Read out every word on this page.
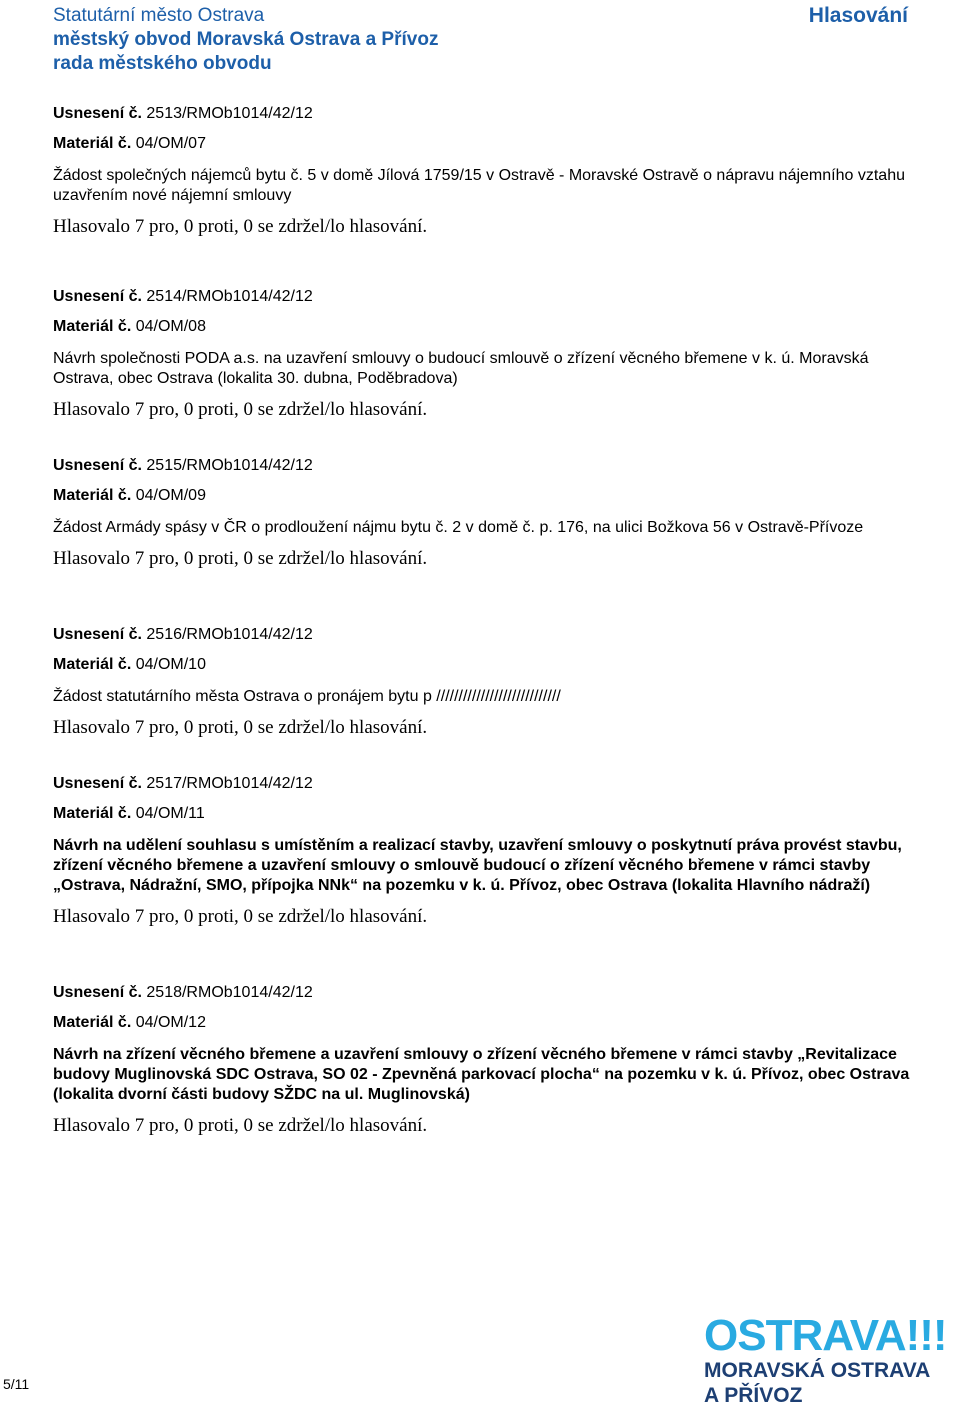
Statutární město Ostrava
městský obvod Moravská Ostrava a Přívoz
rada městského obvodu
Hlasování
Usnesení č. 2513/RMOb1014/42/12
Materiál č. 04/OM/07
Žádost společných nájemců bytu č. 5 v domě Jílová 1759/15 v Ostravě - Moravské Ostravě o nápravu nájemního vztahu uzavřením nové nájemní smlouvy
Hlasovalo 7 pro, 0 proti, 0 se zdržel/lo hlasování.
Usnesení č. 2514/RMOb1014/42/12
Materiál č. 04/OM/08
Návrh společnosti PODA a.s. na uzavření smlouvy o budoucí smlouvě o zřízení věcného břemene v k. ú. Moravská Ostrava, obec Ostrava (lokalita 30. dubna, Poděbradova)
Hlasovalo 7 pro, 0 proti, 0 se zdržel/lo hlasování.
Usnesení č. 2515/RMOb1014/42/12
Materiál č. 04/OM/09
Žádost Armády spásy v ČR o prodloužení nájmu bytu č. 2 v domě č. p. 176, na ulici Božkova 56 v Ostravě-Přívoze
Hlasovalo 7 pro, 0 proti, 0 se zdržel/lo hlasování.
Usnesení č. 2516/RMOb1014/42/12
Materiál č. 04/OM/10
Žádost statutárního města Ostrava o pronájem bytu p ////////////////////////////
Hlasovalo 7 pro, 0 proti, 0 se zdržel/lo hlasování.
Usnesení č. 2517/RMOb1014/42/12
Materiál č. 04/OM/11
Návrh na udělení souhlasu s umístěním a realizací stavby, uzavření smlouvy o poskytnutí práva provést stavbu, zřízení věcného břemene a uzavření smlouvy o smlouvě budoucí o zřízení věcného břemene v rámci stavby „Ostrava, Nádražní, SMO, přípojka NNk“ na pozemku v k. ú. Přívoz, obec Ostrava (lokalita Hlavního nádraží)
Hlasovalo 7 pro, 0 proti, 0 se zdržel/lo hlasování.
Usnesení č. 2518/RMOb1014/42/12
Materiál č. 04/OM/12
Návrh na zřízení věcného břemene a uzavření smlouvy o zřízení věcného břemene v rámci stavby „Revitalizace budovy Muglinovská SDC Ostrava, SO 02 - Zpevněná parkovací plocha“ na pozemku v k. ú. Přívoz, obec Ostrava (lokalita dvorní části budovy SŽDC na ul. Muglinovská)
Hlasovalo 7 pro, 0 proti, 0 se zdržel/lo hlasování.
5/11
OSTRAVA!!!
MORAVSKÁ OSTRAVA
A PŘÍVOZ
